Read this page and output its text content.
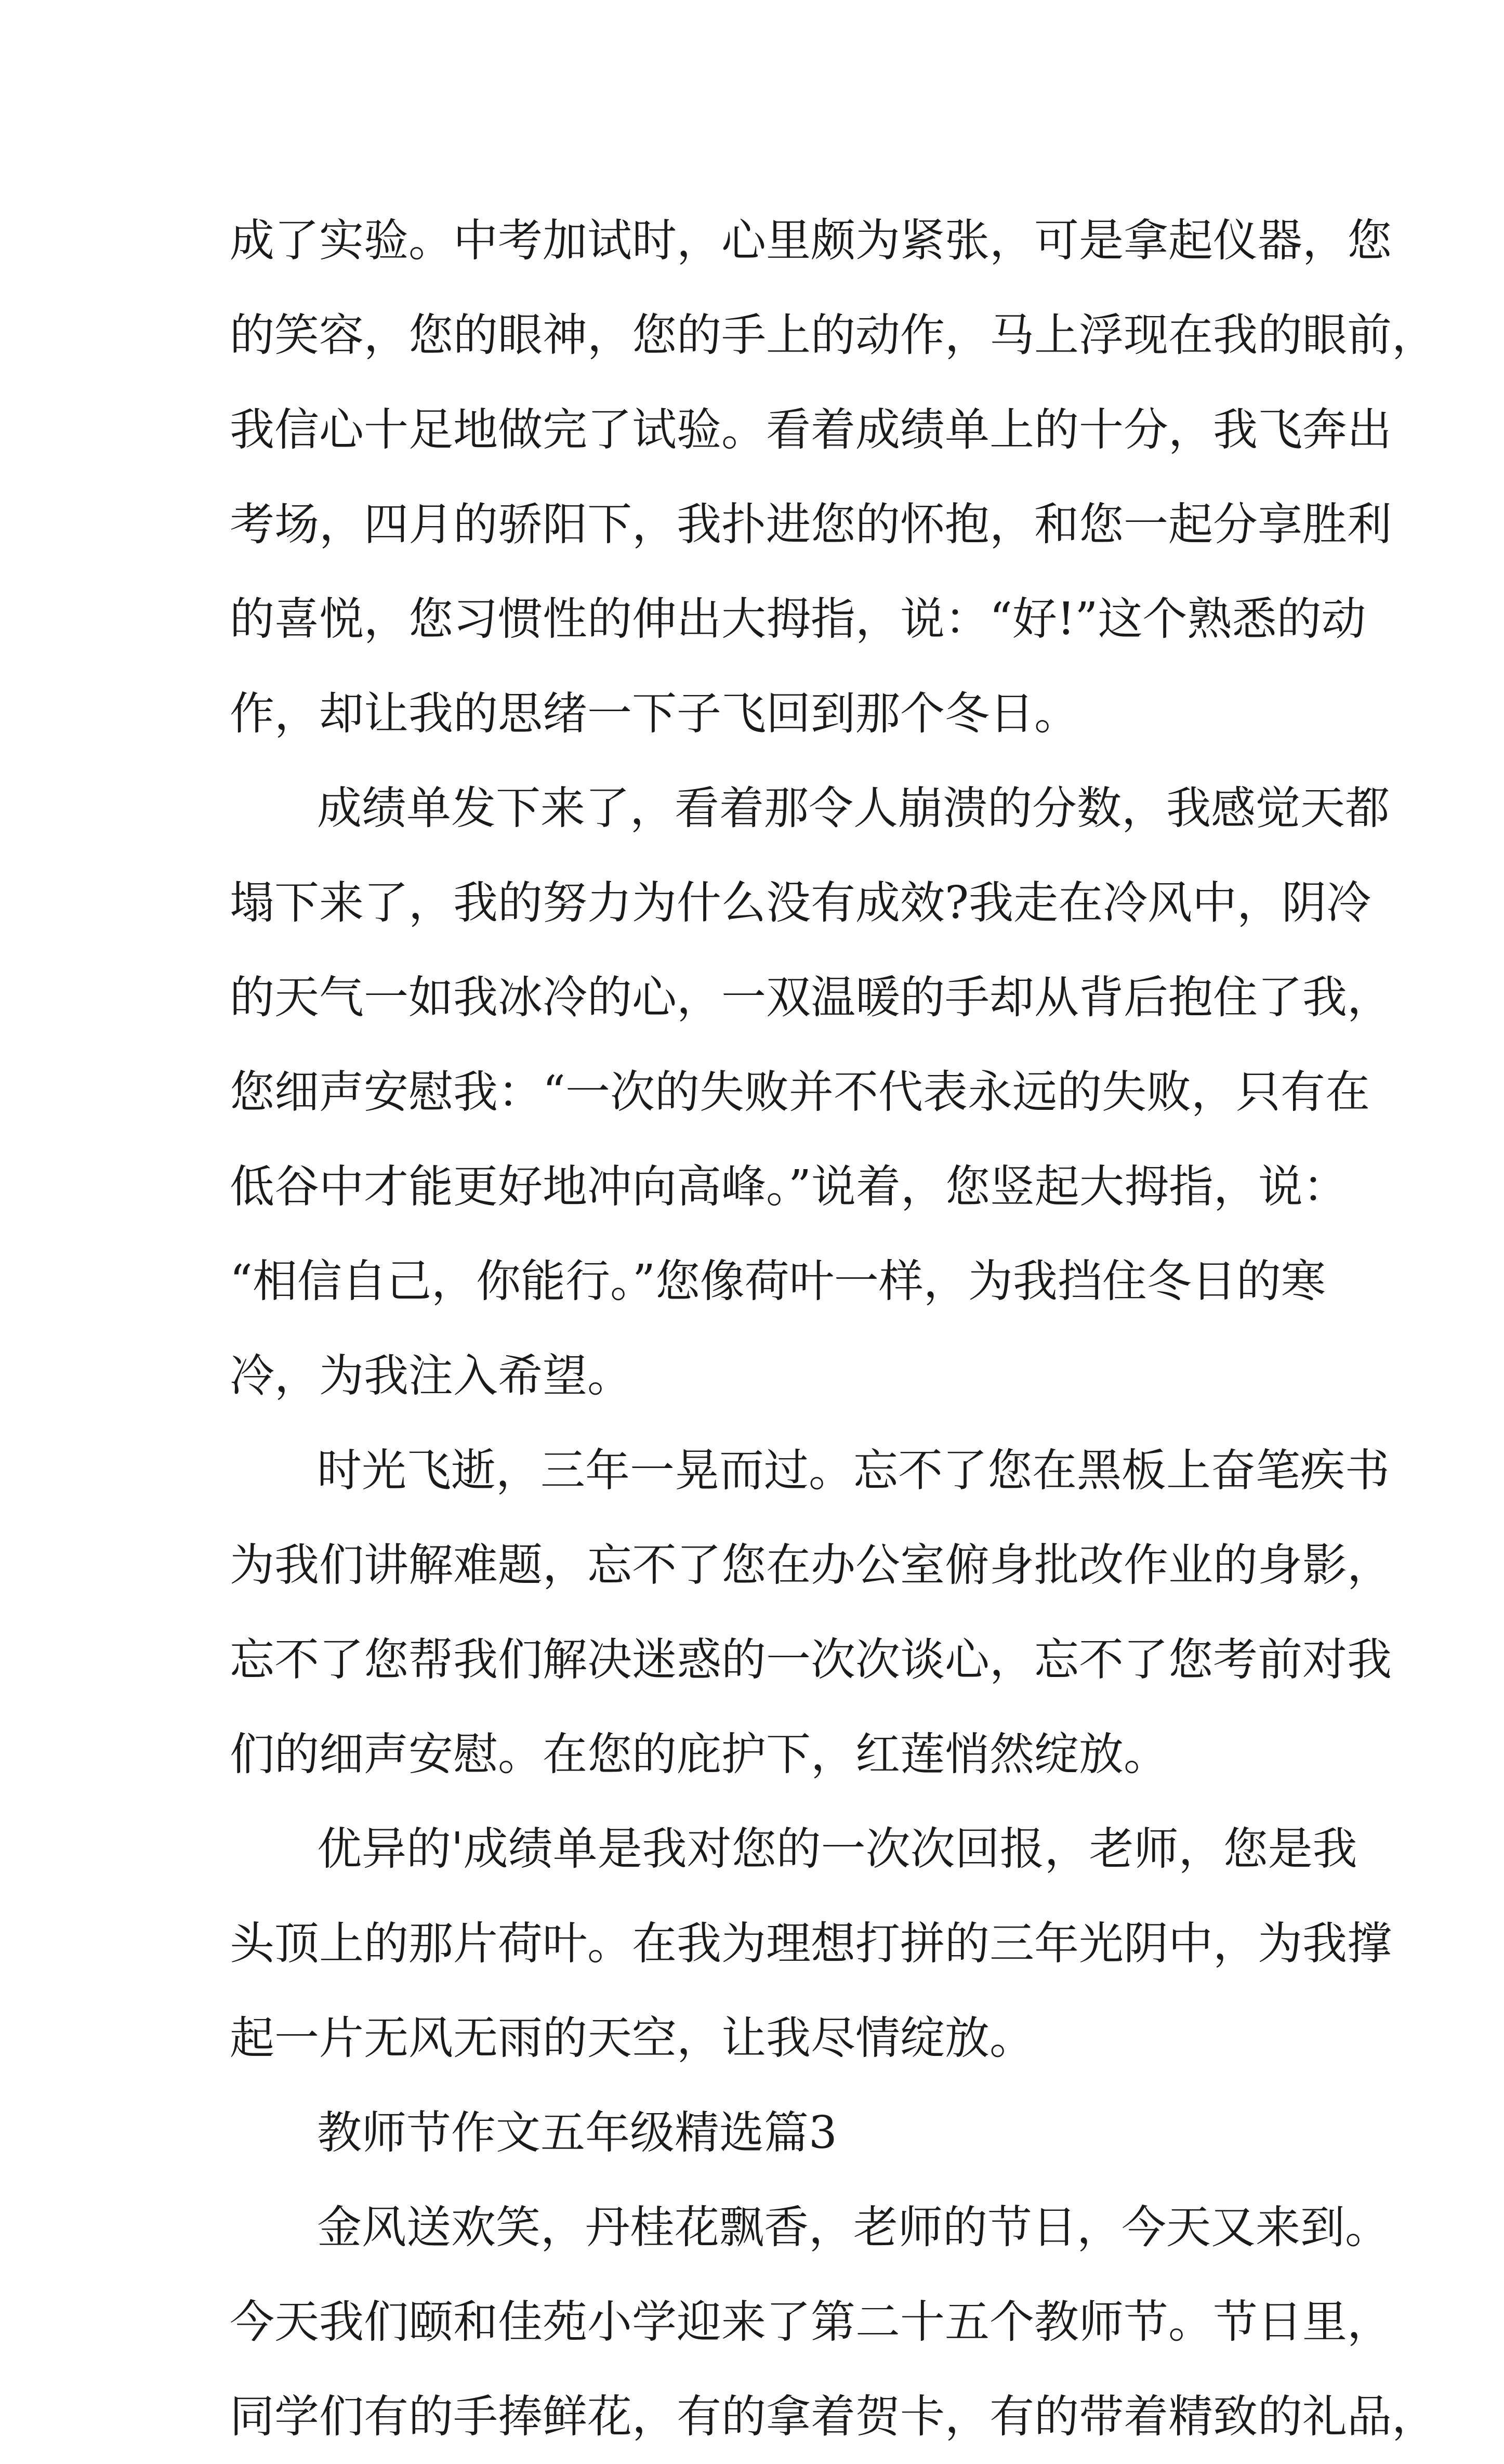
成了实验。中考加试时，心里颇为紧张，可是拿起仪器，您
的笑容，您的眼神，您的手上的动作，马上浮现在我的眼前，
我信心十足地做完了试验。看着成绩单上的十分，我飞奔出
考场，四月的骄阳下，我扑进您的怀抱，和您一起分享胜利
的喜悦，您习惯性的伸出大拇指，说：“好!”这个熟悉的动
作，却让我的思绪一下子飞回到那个冬日。
成绩单发下来了，看着那令人崩溃的分数，我感觉天都
塌下来了，我的努力为什么没有成效?我走在冷风中，阴冷
的天气一如我冰冷的心，一双温暖的手却从背后抱住了我，
您细声安慰我：“一次的失败并不代表永远的失败，只有在
低谷中才能更好地冲向高峰。”说着，您竖起大拇指，说：
“相信自己，你能行。”您像荷叶一样，为我挡住冬日的寒
冷，为我注入希望。
时光飞逝，三年一晃而过。忘不了您在黑板上奋笔疾书
为我们讲解难题，忘不了您在办公室俯身批改作业的身影，
忘不了您帮我们解决迷惑的一次次谈心，忘不了您考前对我
们的细声安慰。在您的庇护下，红莲悄然绽放。
优异的'成绩单是我对您的一次次回报，老师，您是我
头顶上的那片荷叶。在我为理想打拼的三年光阴中，为我撑
起一片无风无雨的天空，让我尽情绽放。
教师节作文五年级精选篇3
金风送欢笑，丹桂花飘香，老师的节日，今天又来到。
今天我们颐和佳苑小学迎来了第二十五个教师节。节日里，
同学们有的手捧鲜花，有的拿着贺卡，有的带着精致的礼品，
